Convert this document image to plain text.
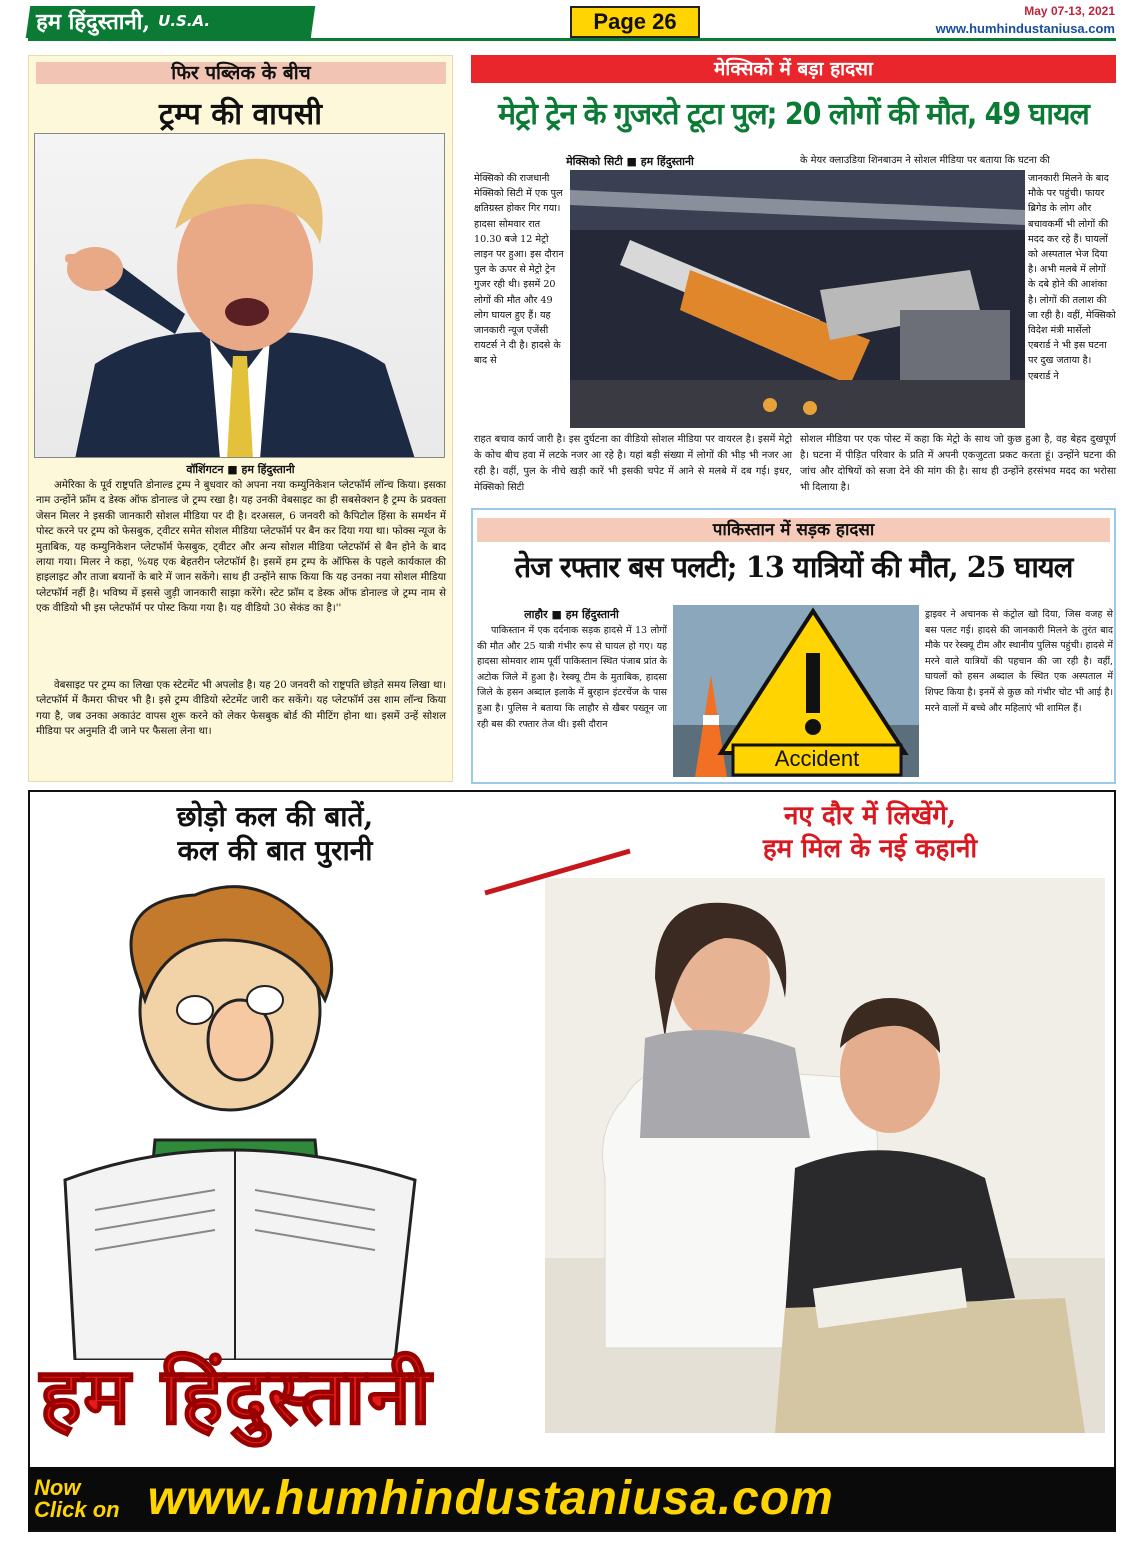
हम हिंदुस्तानी, U.S.A.	Page 26	May 07-13, 2021
www.humhindustaniusa.com
फिर पब्लिक के बीच
ट्रम्प की वापसी
वॉशिंगटन ■ हम हिंदुस्तानी
अमेरिका के पूर्व राष्ट्रपति डोनाल्ड ट्रम्प ने बुधवार को अपना नया कम्युनिकेशन प्लेटफॉर्म लॉन्च किया। इसका नाम उन्होंने फ्रॉम द डेस्क ऑफ डोनाल्ड जे ट्रम्प रखा है। यह उनकी वेबसाइट का ही सबसेक्शन है ट्रम्प के प्रवक्ता जेसन मिलर ने इसकी जानकारी सोशल मीडिया पर दी है। दरअसल, 6 जनवरी को कैपिटोल हिंसा के समर्थन में पोस्ट करने पर ट्रम्प को फेसबुक, ट्वीटर समेत सोशल मीडिया प्लेटफॉर्म पर बैन कर दिया गया था। फोक्स न्यूज के मुताबिक, यह कम्युनिकेशन प्लेटफॉर्म फेसबुक, ट्वीटर और अन्य सोशल मीडिया प्लेटफॉर्म से बैन होने के बाद लाया गया। मिलर ने कहा, %यह एक बेहतरीन प्लेटफॉर्म है। इसमें हम ट्रम्प के ऑफिस के पहले कार्यकाल की हाइलाइट और ताजा बयानों के बारे में जान सकेंगे। साथ ही उन्होंने साफ किया कि यह उनका नया सोशल मीडिया प्लेटफॉर्म नहीं है। भविष्य में इससे जुड़ी जानकारी साझा करेंगे। स्टेट फ्रॉम द डेस्क ऑफ डोनाल्ड जे ट्रम्प नाम से एक वीडियो भी इस प्लेटफॉर्म पर पोस्ट किया गया है। यह वीडियो 30 सेकंड का है।''
वेबसाइट पर ट्रम्प का लिखा एक स्टेटमेंट भी अपलोड है। यह 20 जनवरी को राष्ट्रपति छोड़ते समय लिखा था। प्लेटफॉर्म में कैमरा फीचर भी है। इसे ट्रम्प वीडियो स्टेटमेंट जारी कर सकेंगे। यह प्लेटफॉर्म उस शाम लॉन्च किया गया है, जब उनका अकाउंट वापस शुरू करने को लेकर फेसबुक बोर्ड की मीटिंग होना था। इसमें उन्हें सोशल मीडिया पर अनुमति दी जाने पर फैसला लेना था।
मेक्सिको में बड़ा हादसा
मेट्रो ट्रेन के गुजरते टूटा पुल; 20 लोगों की मौत, 49 घायल
मेक्सिको सिटी ■ हम हिंदुस्तानी	के मेयर क्लाउडिया शिनबाउम ने सोशल मीडिया पर बताया कि घटना की
मेक्सिको की राजधानी मेक्सिको सिटी में एक पुल क्षतिग्रस्त होकर गिर गया। हादसा सोमवार रात 10.30 बजे 12 मेट्रो लाइन पर हुआ। इस दौरान पुल के ऊपर से मेट्रो ट्रेन गुजर रही थी। इसमें 20 लोगों की मौत और 49 लोग घायल हुए हैं। यह जानकारी न्यूज एजेंसी रायटर्स ने दी है। हादसे के बाद से
जानकारी मिलने के बाद मौके पर पहुंची। फायर ब्रिगेड के लोग और बचावकर्मी भी लोगों की मदद कर रहे हैं। घायलों को अस्पताल भेज दिया है। अभी मलबे में लोगों के दबे होने की आशंका है। लोगों की तलाश की जा रही है। वहीं, मेक्सिको विदेश मंत्री मार्सेलो एबरार्ड ने भी इस घटना पर दुख जताया है। एबरार्ड ने
राहत बचाव कार्य जारी है। इस दुर्घटना का वीडियो सोशल मीडिया पर वायरल है। इसमें मेट्रो के कोच बीच हवा में लटके नजर आ रहे है। यहां बड़ी संख्या में लोगों की भीड़ भी नजर आ रही है। वहीं, पुल के नीचे खड़ी कारें भी इसकी चपेट में आने से मलबे में दब गई। इधर, मेक्सिको सिटी
सोशल मीडिया पर एक पोस्ट में कहा कि मेट्रो के साथ जो कुछ हुआ है, वह बेहद दुखपूर्ण है। घटना में पीड़ित परिवार के प्रति में अपनी एकजुटता प्रकट करता हूं। उन्होंने घटना की जांच और दोषियों को सजा देने की मांग की है। साथ ही उन्होंने हरसंभव मदद का भरोसा भी दिलाया है।
पाकिस्तान में सड़क हादसा
तेज रफ्तार बस पलटी; 13 यात्रियों की मौत, 25 घायल
लाहौर ■ हम हिंदुस्तानी
पाकिस्तान में एक दर्दनाक सड़क हादसे में 13 लोगों की मौत और 25 यात्री गंभीर रूप से घायल हो गए। यह हादसा सोमवार शाम पूर्वी पाकिस्तान स्थित पंजाब प्रांत के अटोक जिले में हुआ है। रेस्क्यू टीम के मुताबिक, हादसा जिले के हसन अब्दाल इलाके में बुरहान इंटरचेंज के पास हुआ है। पुलिस ने बताया कि लाहौर से खैबर पख्तून जा रही बस की रफ्तार तेज थी। इसी दौरान
Accident
ड्राइवर ने अचानक से कंट्रोल खो दिया, जिस वजह से बस पलट गई। हादसे की जानकारी मिलने के तुरंत बाद मौके पर रेस्क्यू टीम और स्थानीय पुलिस पहुंची। हादसे में मरने वाले यात्रियों की पहचान की जा रही है। वहीं, घायलों को हसन अब्दाल के स्थित एक अस्पताल में शिफ्ट किया है। इनमें से कुछ को गंभीर चोट भी आई है। मरने वालों में बच्चे और महिलाएं भी शामिल हैं।
छोड़ो कल की बातें,
कल की बात पुरानी
नए दौर में लिखेंगे,
हम मिल के नई कहानी
हम हिंदुस्तानी
Now
Click on www.humhindustaniusa.com
